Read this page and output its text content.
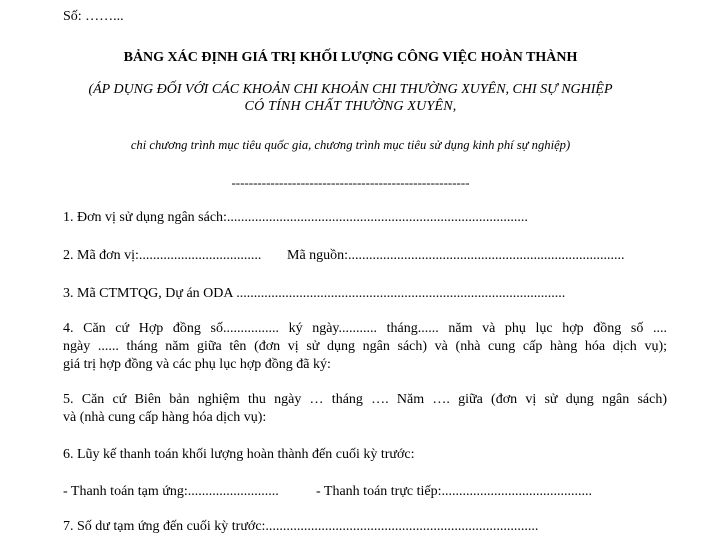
Số: ……...
BẢNG XÁC ĐỊNH GIÁ TRỊ KHỐI LƯỢNG CÔNG VIỆC HOÀN THÀNH
(ÁP DỤNG ĐỐI VỚI CÁC KHOẢN CHI KHOẢN CHI THƯỜNG XUYÊN, CHI SỰ NGHIỆP
CÓ TÍNH CHẤT THƯỜNG XUYÊN,
chi chương trình mục tiêu quốc gia, chương trình mục tiêu sử dụng kinh phí sự nghiệp)
-------------------------------------------------------
1. Đơn vị sử dụng ngân sách:......................................................................................
2. Mã đơn vị:................................... Mã nguồn:...............................................................................
3. Mã CTMTQG, Dự án ODA ..............................................................................................
4. Căn cứ Hợp đồng số................ ký ngày........... tháng...... năm và phụ lục hợp đồng số ....
ngày ...... tháng năm giữa tên (đơn vị sử dụng ngân sách) và (nhà cung cấp hàng hóa dịch vụ);
giá trị hợp đồng và các phụ lục hợp đồng đã ký:
5. Căn cứ Biên bản nghiệm thu ngày … tháng …. Năm …. giữa (đơn vị sử dụng ngân sách)
và (nhà cung cấp hàng hóa dịch vụ):
6. Lũy kế thanh toán khối lượng hoàn thành đến cuối kỳ trước:
- Thanh toán tạm ứng:..........................	- Thanh toán trực tiếp:...........................................
7. Số dư tạm ứng đến cuối kỳ trước:..............................................................................
